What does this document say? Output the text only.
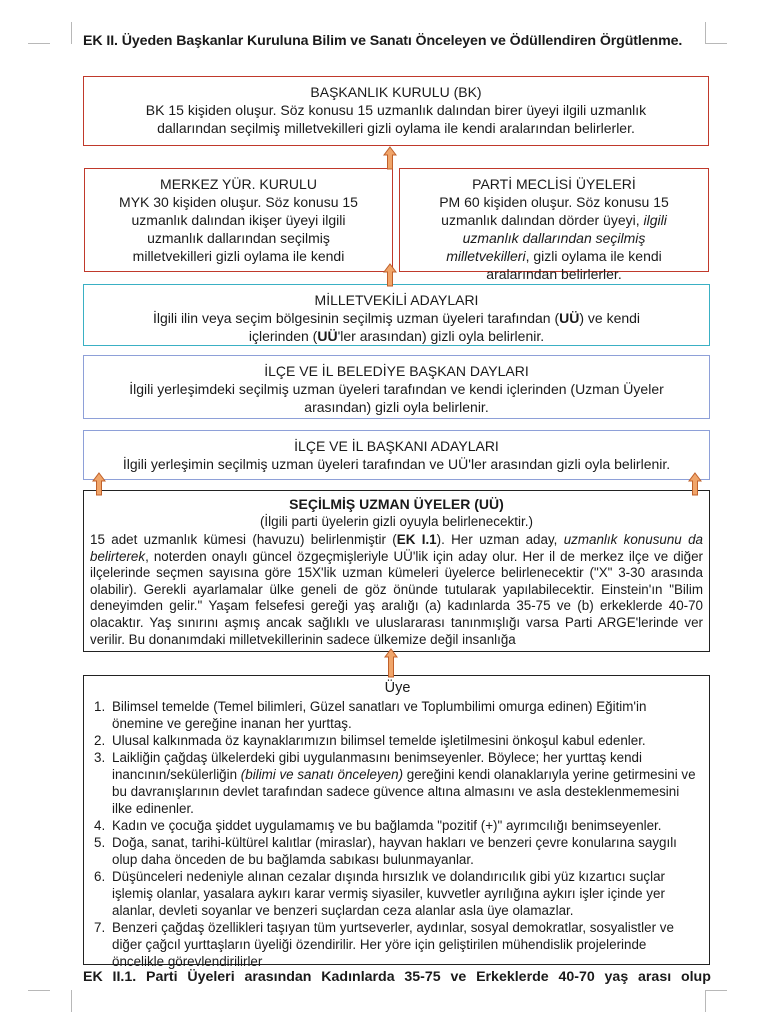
EK II. Üyeden Başkanlar Kuruluna Bilim ve Sanatı Önceleyen ve Ödüllendiren Örgütlenme.
BAŞKANLIK KURULU (BK)
BK 15 kişiden oluşur. Söz konusu 15 uzmanlık dalından birer üyeyi ilgili uzmanlık
dallarından seçilmiş milletvekilleri gizli oylama ile kendi aralarından belirlerler.
MERKEZ YÜR. KURULU
MYK 30 kişiden oluşur. Söz konusu 15
uzmanlık dalından ikişer üyeyi ilgili
uzmanlık dallarından seçilmiş
milletvekilleri gizli oylama ile kendi
PARTİ MECLİSİ ÜYELERİ
PM 60 kişiden oluşur. Söz konusu 15
uzmanlık dalından dörder üyeyi, ilgili
uzmanlık dallarından seçilmiş
milletvekilleri, gizli oylama ile kendi
aralarından belirlerler.
MİLLETVEKİLİ ADAYLARI
İlgili ilin veya seçim bölgesinin seçilmiş uzman üyeleri tarafından (UÜ) ve kendi
içlerinden (UÜ'ler arasından) gizli oyla belirlenir.
İLÇE VE İL BELEDİYE BAŞKAN DAYLARI
İlgili yerleşimdeki seçilmiş uzman üyeleri tarafından ve kendi içlerinden (Uzman Üyeler
arasından) gizli oyla belirlenir.
İLÇE VE İL BAŞKANI ADAYLARI
İlgili yerleşimin seçilmiş uzman üyeleri tarafından ve UÜ'ler arasından gizli oyla belirlenir.
SEÇİLMİŞ UZMAN ÜYELER (UÜ)
(İlgili parti üyelerin gizli oyuyla belirlenecektir.)

15 adet uzmanlık kümesi (havuzu) belirlenmiştir (EK I.1). Her uzman aday, uzmanlık konusunu da belirterek, noterden onaylı güncel özgeçmişleriyle UÜ'lik için aday olur. Her il de merkez ilçe ve diğer ilçelerinde seçmen sayısına göre 15X'lik uzman kümeleri üyelerce belirlenecektir ("X" 3-30 arasında olabilir). Gerekli ayarlamalar ülke geneli de göz önünde tutularak yapılabilecektir. Einstein'ın "Bilim deneyimden gelir." Yaşam felsefesi gereği yaş aralığı (a) kadınlarda 35-75 ve (b) erkeklerde 40-70 olacaktır. Yaş sınırını aşmış ancak sağlıklı ve uluslararası tanınmışlığı varsa Parti ARGE'lerinde ver verilir. Bu donanımdaki milletvekillerinin sadece ülkemize değil insanlığa

Üye
1. Bilimsel temelde (Temel bilimleri, Güzel sanatları ve Toplumbilimi omurga edinen) Eğitim'in önemine ve gereğine inanan her yurttaş.
2. Ulusal kalkınmada öz kaynaklarımızın bilimsel temelde işletilmesini önkoşul kabul edenler.
3. Laikliğin çağdaş ülkelerdeki gibi uygulanmasını benimseyenler. Böylece; her yurttaş kendi inancının/sekülerliğin (bilimi ve sanatı önceleyen) gereğini kendi olanaklarıyla yerine getirmesini ve bu davranışlarının devlet tarafından sadece güvence altına almasını ve asla desteklenmemesini ilke edinenler.
4. Kadın ve çocuğa şiddet uygulamamış ve bu bağlamda "pozitif (+)" ayrımcılığı benimseyenler.
5. Doğa, sanat, tarihi-kültürel kalıtlar (miraslar), hayvan hakları ve benzeri çevre konularına saygılı olup daha önceden de bu bağlamda sabıkası bulunmayanlar.
6. Düşünceleri nedeniyle alınan cezalar dışında hırsızlık ve dolandırıcılık gibi yüz kızartıcı suçlar işlemiş olanlar, yasalara aykırı karar vermiş siyasiler, kuvvetler ayrılığına aykırı işler içinde yer alanlar, devleti soyanlar ve benzeri suçlardan ceza alanlar asla üye olamazlar.
7. Benzeri çağdaş özellikleri taşıyan tüm yurtseverler, aydınlar, sosyal demokratlar, sosyalistler ve diğer çağcıl yurttaşların üyeliği özendirilir. Her yöre için geliştirilen mühendislik projelerinde öncelikle görevlendirilirler
EK II.1. Parti Üyeleri arasından Kadınlarda 35-75 ve Erkeklerde 40-70 yaş arası olup
